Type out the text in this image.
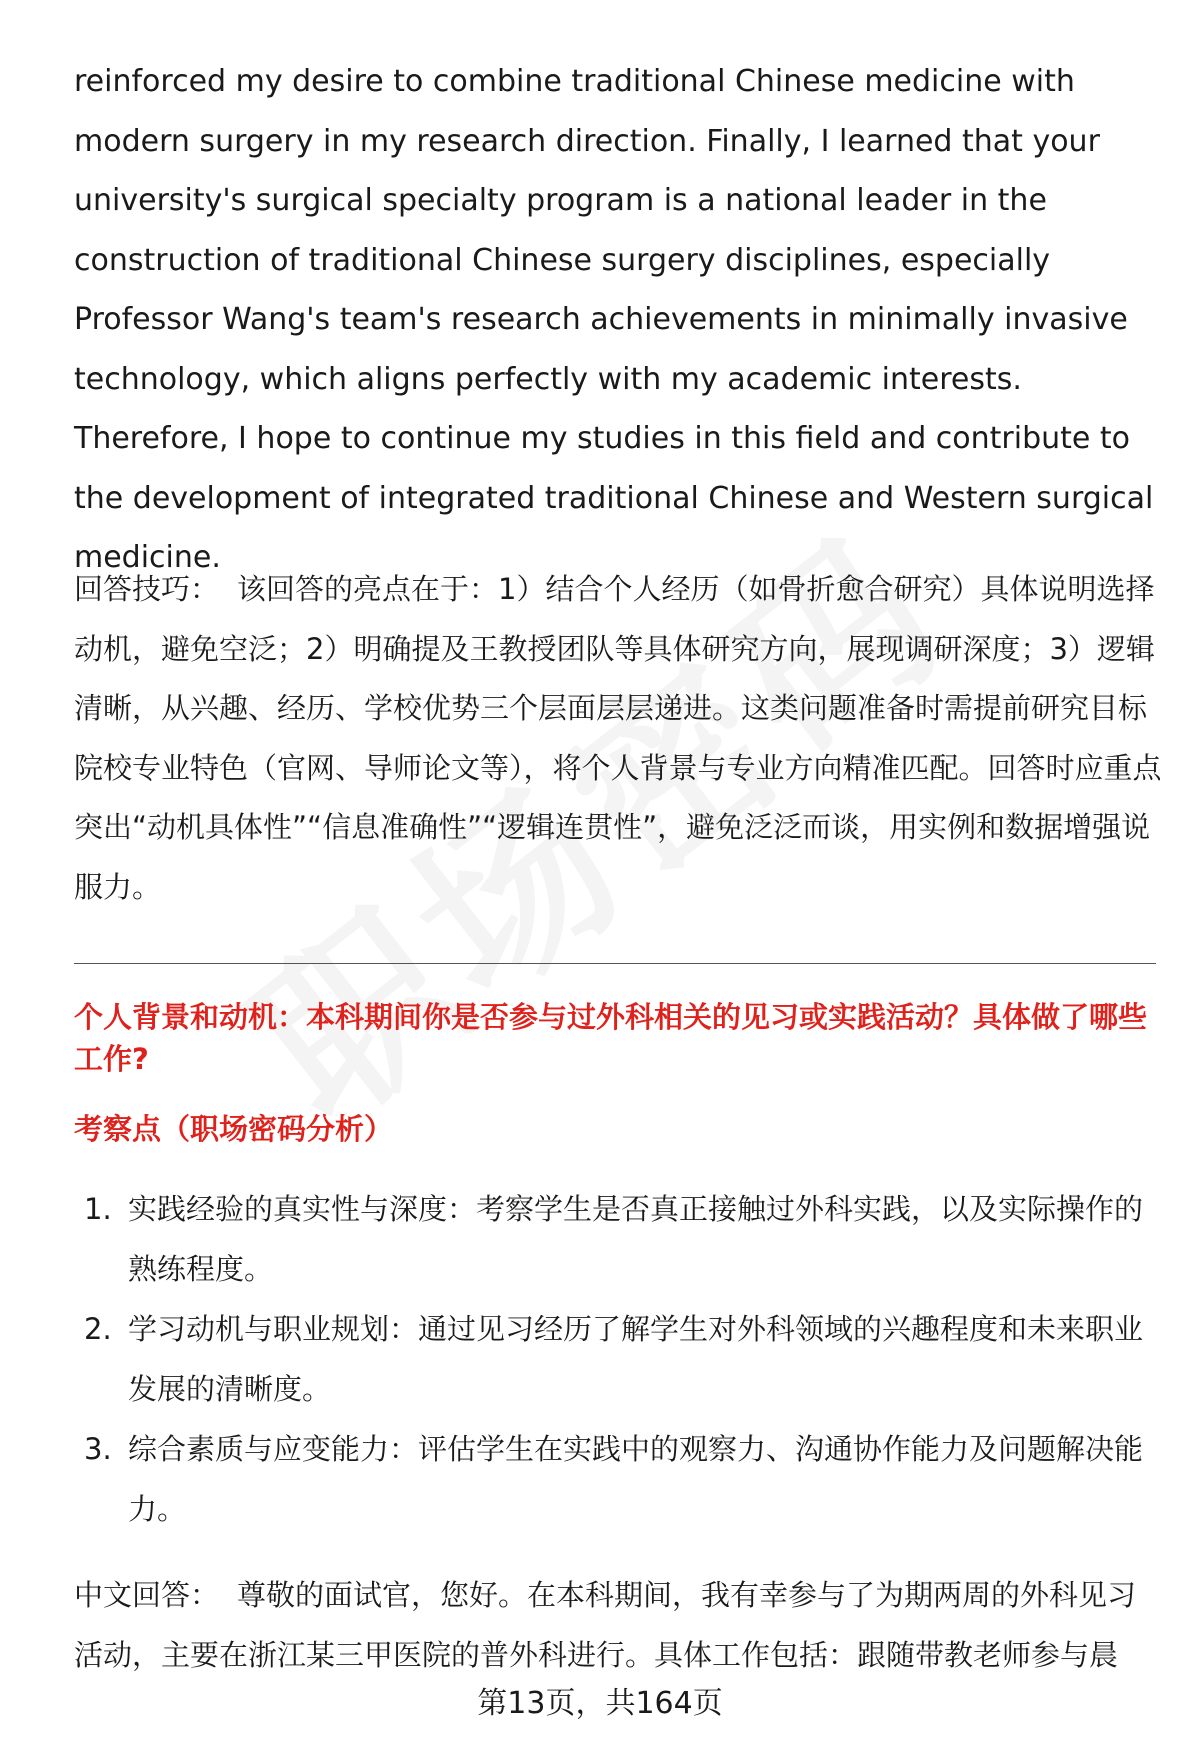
reinforced my desire to combine traditional Chinese medicine with modern surgery in my research direction. Finally, I learned that your university's surgical specialty program is a national leader in the construction of traditional Chinese surgery disciplines, especially Professor Wang's team's research achievements in minimally invasive technology, which aligns perfectly with my academic interests. Therefore, I hope to continue my studies in this field and contribute to the development of integrated traditional Chinese and Western surgical medicine.

回答技巧： 该回答的亮点在于：1）结合个人经历（如骨折愈合研究）具体说明选择动机，避免空泛；2）明确提及王教授团队等具体研究方向，展现调研深度；3）逻辑清晰，从兴趣、经历、学校优势三个层面层层递进。这类问题准备时需提前研究目标院校专业特色（官网、导师论文等），将个人背景与专业方向精准匹配。回答时应重点突出“动机具体性”“信息准确性”“逻辑连贯性”，避免泛泛而谈，用实例和数据增强说服力。

个人背景和动机：本科期间你是否参与过外科相关的见习或实践活动？具体做了哪些工作?

考察点（职场密码分析）

1. 实践经验的真实性与深度：考察学生是否真正接触过外科实践，以及实际操作的熟练程度。
2. 学习动机与职业规划：通过见习经历了解学生对外科领域的兴趣程度和未来职业发展的清晰度。
3. 综合素质与应变能力：评估学生在实践中的观察力、沟通协作能力及问题解决能力。

中文回答： 尊敬的面试官，您好。在本科期间，我有幸参与了为期两周的外科见习活动，主要在浙江某三甲医院的普外科进行。具体工作包括：跟随带教老师参与晨

第13页，共164页
